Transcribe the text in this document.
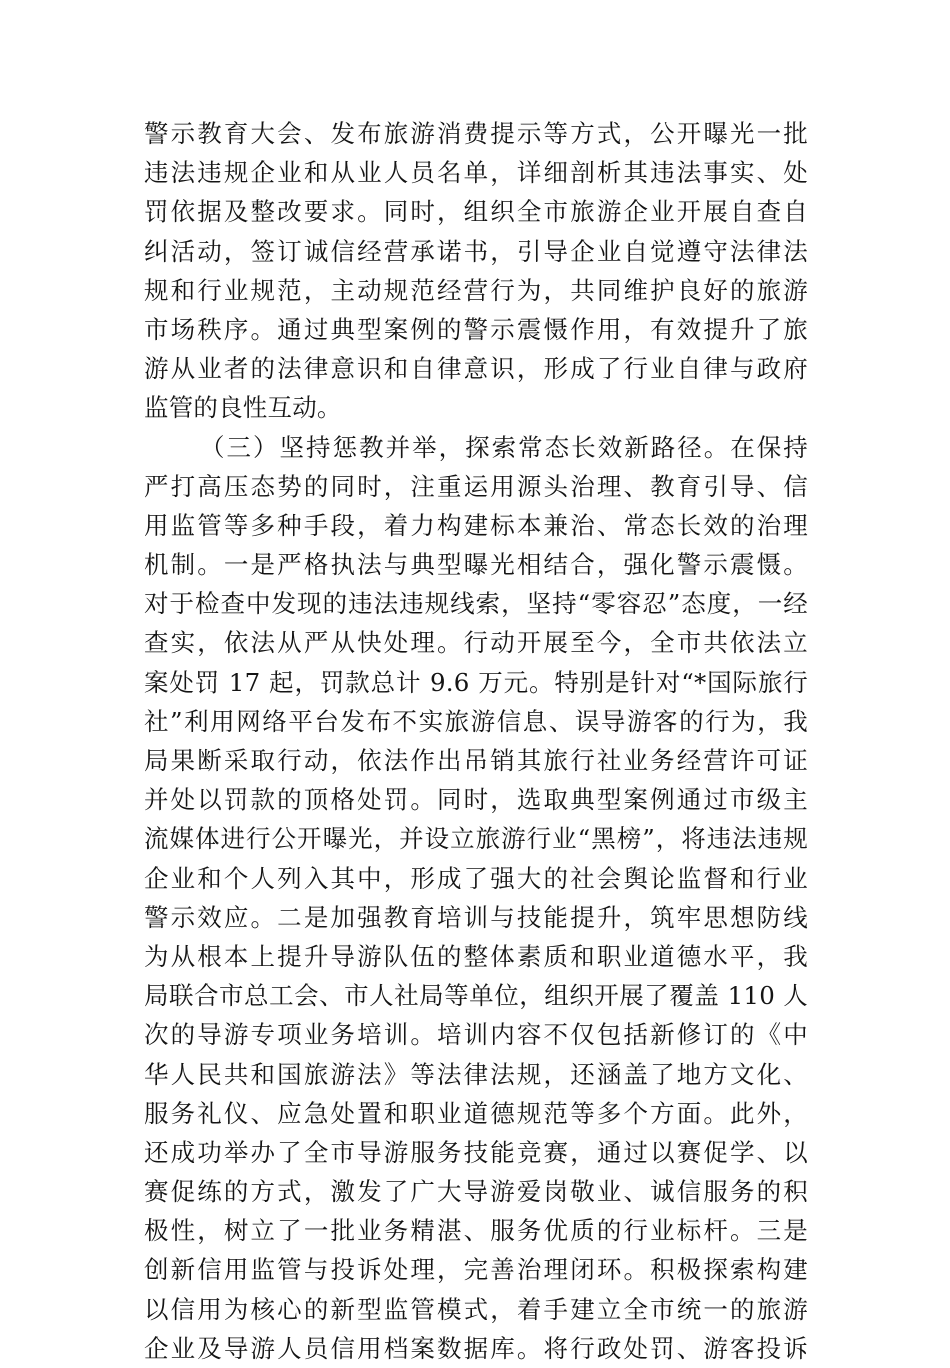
警示教育大会、发布旅游消费提示等方式，公开曝光一批
违法违规企业和从业人员名单，详细剖析其违法事实、处
罚依据及整改要求。同时，组织全市旅游企业开展自查自
纠活动，签订诚信经营承诺书，引导企业自觉遵守法律法
规和行业规范，主动规范经营行为，共同维护良好的旅游
市场秩序。通过典型案例的警示震慑作用，有效提升了旅
游从业者的法律意识和自律意识，形成了行业自律与政府
监管的良性互动。
（三）坚持惩教并举，探索常态长效新路径。在保持
严打高压态势的同时，注重运用源头治理、教育引导、信
用监管等多种手段，着力构建标本兼治、常态长效的治理
机制。一是严格执法与典型曝光相结合，强化警示震慑。
对于检查中发现的违法违规线索，坚持“零容忍”态度，一经
查实，依法从严从快处理。行动开展至今，全市共依法立
案处罚 17 起，罚款总计 9.6 万元。特别是针对“*国际旅行
社”利用网络平台发布不实旅游信息、误导游客的行为，我
局果断采取行动，依法作出吊销其旅行社业务经营许可证
并处以罚款的顶格处罚。同时，选取典型案例通过市级主
流媒体进行公开曝光，并设立旅游行业“黑榜”，将违法违规
企业和个人列入其中，形成了强大的社会舆论监督和行业
警示效应。二是加强教育培训与技能提升，筑牢思想防线
为从根本上提升导游队伍的整体素质和职业道德水平，我
局联合市总工会、市人社局等单位，组织开展了覆盖 110 人
次的导游专项业务培训。培训内容不仅包括新修订的《中
华人民共和国旅游法》等法律法规，还涵盖了地方文化、
服务礼仪、应急处置和职业道德规范等多个方面。此外，
还成功举办了全市导游服务技能竞赛，通过以赛促学、以
赛促练的方式，激发了广大导游爱岗敬业、诚信服务的积
极性，树立了一批业务精湛、服务优质的行业标杆。三是
创新信用监管与投诉处理，完善治理闭环。积极探索构建
以信用为核心的新型监管模式，着手建立全市统一的旅游
企业及导游人员信用档案数据库。将行政处罚、游客投诉
